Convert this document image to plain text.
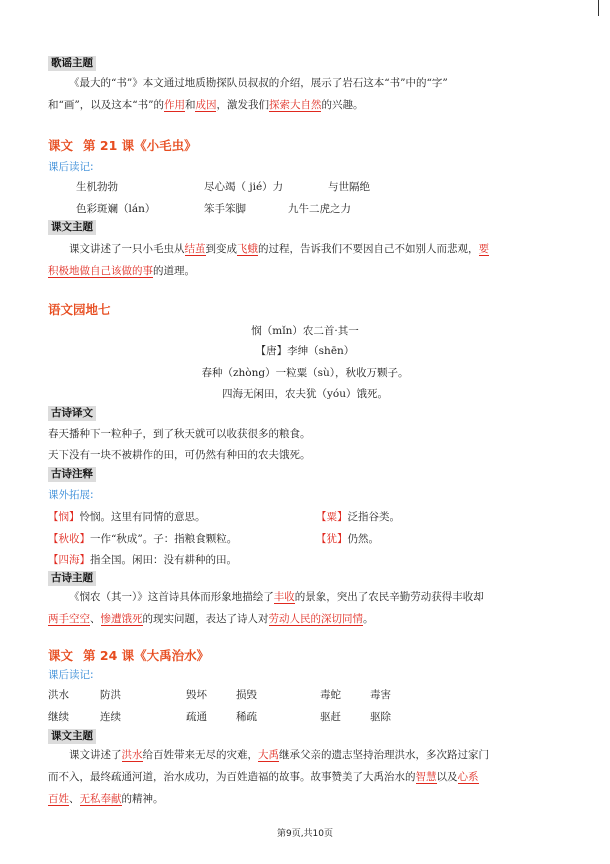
歌谣主题
《最大的“书”》本文通过地质勘探队员叔叔的介绍，展示了岩石这本“书”中的“字”
和“画”，以及这本“书”的作用和成因，激发我们探索大自然的兴趣。
课文 第 21 课《小毛虫》
课后读记:
生机勃勃	尽心竭（ jié）力	与世隔绝
色彩斑斓（lán）	笨手笨脚	九牛二虎之力
课文主题
课文讲述了一只小毛虫从结茧到变成飞蛾的过程，告诉我们不要因自己不如别人而悲观，要
积极地做自己该做的事的道理。
语文园地七
悯（mǐn）农二首·其一
【唐】李绅（shēn）
春种（zhòng）一粒粟（sù），秋收万颗子。
四海无闲田，农夫犹（yóu）饿死。
古诗译文
春天播种下一粒种子，到了秋天就可以收获很多的粮食。
天下没有一块不被耕作的田，可仍然有种田的农夫饿死。
古诗注释
课外拓展:
【悯】怜悯。这里有同情的意思。	【粟】泛指谷类。
【秋收】一作“秋成”。子：指粮食颗粒。	【犹】仍然。
【四海】指全国。闲田：没有耕种的田。
古诗主题
《悯农（其一）》这首诗具体而形象地描绘了丰收的景象，突出了农民辛勤劳动获得丰收却
两手空空、惨遭饿死的现实问题，表达了诗人对劳动人民的深切同情。
课文 第 24 课《大禹治水》
课后读记:
洪水	防洪	毁坏	损毁	毒蛇	毒害
继续	连续	疏通	稀疏	驱赶	驱除
课文主题
课文讲述了洪水给百姓带来无尽的灾难，大禹继承父亲的遗志坚持治理洪水，多次路过家门
而不入，最终疏通河道，治水成功，为百姓造福的故事。故事赞美了大禹治水的智慧以及心系
百姓、无私奉献的精神。
第9页,共10页
